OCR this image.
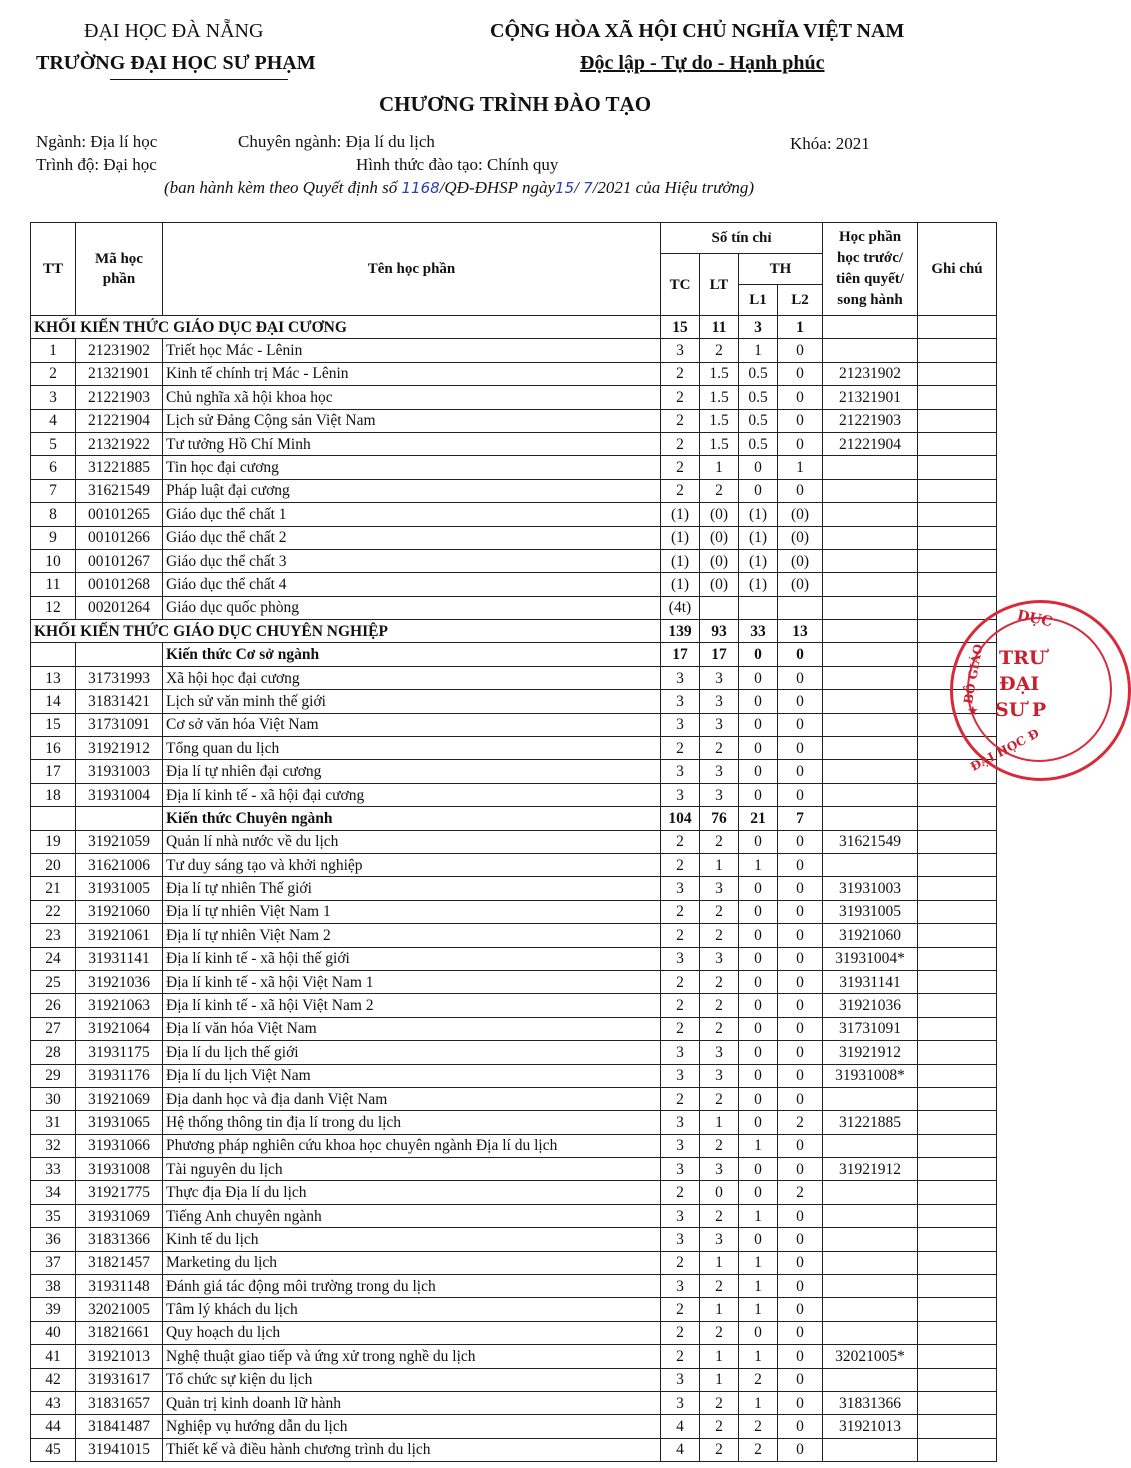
ĐẠI HỌC ĐÀ NẴNG
TRƯỜNG ĐẠI HỌC SƯ PHẠM
CỘNG HÒA XÃ HỘI CHỦ NGHĨA VIỆT NAM
Độc lập - Tự do - Hạnh phúc
CHƯƠNG TRÌNH ĐÀO TẠO
Ngành: Địa lí học	Chuyên ngành: Địa lí du lịch	Khóa: 2021
Trình độ: Đại học	Hình thức đào tạo: Chính quy
(ban hành kèm theo Quyết định số 1168/QĐ-ĐHSP ngày15/ 7/2021 của Hiệu trưởng)
TT	Mã học phần	Tên học phần	Số tín chỉ				Học phần học trước/ tiên quyết/ song hành	Ghi chú
			TC	LT	TH			
					L1	L2		
KHỐI KIẾN THỨC GIÁO DỤC ĐẠI CƯƠNG			15	11	3	1		
1	21231902	Triết học Mác - Lênin	3	2	1	0		
2	21321901	Kinh tế chính trị Mác - Lênin	2	1.5	0.5	0	21231902	
3	21221903	Chủ nghĩa xã hội khoa học	2	1.5	0.5	0	21321901	
4	21221904	Lịch sử Đảng Cộng sản Việt Nam	2	1.5	0.5	0	21221903	
5	21321922	Tư tưởng Hồ Chí Minh	2	1.5	0.5	0	21221904	
6	31221885	Tin học đại cương	2	1	0	1		
7	31621549	Pháp luật đại cương	2	2	0	0		
8	00101265	Giáo dục thể chất 1	(1)	(0)	(1)	(0)		
9	00101266	Giáo dục thể chất 2	(1)	(0)	(1)	(0)		
10	00101267	Giáo dục thể chất 3	(1)	(0)	(1)	(0)		
11	00101268	Giáo dục thể chất 4	(1)	(0)	(1)	(0)		
12	00201264	Giáo dục quốc phòng	(4t)					
KHỐI KIẾN THỨC GIÁO DỤC CHUYÊN NGHIỆP			139	93	33	13		
		Kiến thức Cơ sở ngành	17	17	0	0		
13	31731993	Xã hội học đại cương	3	3	0	0		
14	31831421	Lịch sử văn minh thế giới	3	3	0	0		
15	31731091	Cơ sở văn hóa Việt Nam	3	3	0	0		
16	31921912	Tổng quan du lịch	2	2	0	0		
17	31931003	Địa lí tự nhiên đại cương	3	3	0	0		
18	31931004	Địa lí kinh tế - xã hội đại cương	3	3	0	0		
		Kiến thức Chuyên ngành	104	76	21	7		
19	31921059	Quản lí nhà nước về du lịch	2	2	0	0	31621549	
20	31621006	Tư duy sáng tạo và khởi nghiệp	2	1	1	0		
21	31931005	Địa lí tự nhiên Thế giới	3	3	0	0	31931003	
22	31921060	Địa lí tự nhiên Việt Nam 1	2	2	0	0	31931005	
23	31921061	Địa lí tự nhiên Việt Nam 2	2	2	0	0	31921060	
24	31931141	Địa lí kinh tế - xã hội thế giới	3	3	0	0	31931004*	
25	31921036	Địa lí kinh tế - xã hội Việt Nam 1	2	2	0	0	31931141	
26	31921063	Địa lí kinh tế - xã hội Việt Nam 2	2	2	0	0	31921036	
27	31921064	Địa lí văn hóa Việt Nam	2	2	0	0	31731091	
28	31931175	Địa lí du lịch thế giới	3	3	0	0	31921912	
29	31931176	Địa lí du lịch Việt Nam	3	3	0	0	31931008*	
30	31921069	Địa danh học và địa danh Việt Nam	2	2	0	0		
31	31931065	Hệ thống thông tin địa lí trong du lịch	3	1	0	2	31221885	
32	31931066	Phương pháp nghiên cứu khoa học chuyên ngành Địa lí du lịch	3	2	1	0		
33	31931008	Tài nguyên du lịch	3	3	0	0	31921912	
34	31921775	Thực địa Địa lí du lịch	2	0	0	2		
35	31931069	Tiếng Anh chuyên ngành	3	2	1	0		
36	31831366	Kinh tế du lịch	3	3	0	0		
37	31821457	Marketing du lịch	2	1	1	0		
38	31931148	Đánh giá tác động môi trường trong du lịch	3	2	1	0		
39	32021005	Tâm lý khách du lịch	2	1	1	0		
40	31821661	Quy hoạch du lịch	2	2	0	0		
41	31921013	Nghệ thuật giao tiếp và ứng xử trong nghề du lịch	2	1	1	0	32021005*	
42	31931617	Tổ chức sự kiện du lịch	3	1	2	0		
43	31831657	Quản trị kinh doanh lữ hành	3	2	1	0	31831366	
44	31841487	Nghiệp vụ hướng dẫn du lịch	4	2	2	0	31921013	
45	31941015	Thiết kế và điều hành chương trình du lịch	4	2	2	0		
DỤC
TRƯ
ĐẠI
SƯ P
BỘ GIÁO
ĐẠI HỌC Đ
★
